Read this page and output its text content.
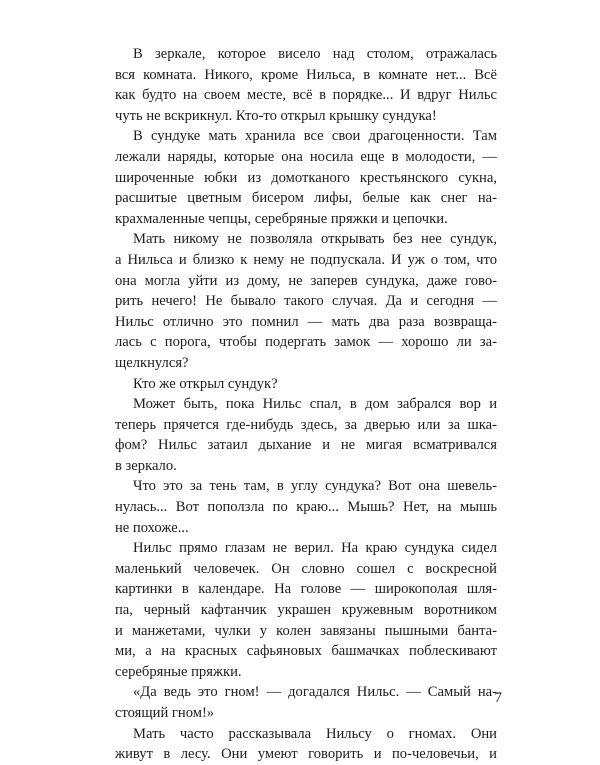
В зеркале, которое висело над столом, отражалась
вся комната. Никого, кроме Нильса, в комнате нет... Всё
как будто на своем месте, всё в порядке... И вдруг Нильс
чуть не вскрикнул. Кто-то открыл крышку сундука!
В сундуке мать хранила все свои драгоценности. Там
лежали наряды, которые она носила еще в молодости, —
широченные юбки из домотканого крестьянского сукна,
расшитые цветным бисером лифы, белые как снег на-
крахмаленные чепцы, серебряные пряжки и цепочки.
Мать никому не позволяла открывать без нее сундук,
а Нильса и близко к нему не подпускала. И уж о том, что
она могла уйти из дому, не заперев сундука, даже гово-
рить нечего! Не бывало такого случая. Да и сегодня —
Нильс отлично это помнил — мать два раза возвраща-
лась с порога, чтобы подергать замок — хорошо ли за-
щелкнулся?
Кто же открыл сундук?
Может быть, пока Нильс спал, в дом забрался вор и
теперь прячется где-нибудь здесь, за дверью или за шка-
фом? Нильс затаил дыхание и не мигая всматривался
в зеркало.
Что это за тень там, в углу сундука? Вот она шевель-
нулась... Вот поползла по краю... Мышь? Нет, на мышь
не похоже...
Нильс прямо глазам не верил. На краю сундука сидел
маленький человечек. Он словно сошел с воскресной
картинки в календаре. На голове — широкополая шля-
па, черный кафтанчик украшен кружевным воротником
и манжетами, чулки у колен завязаны пышными банта-
ми, а на красных сафьяновых башмачках поблескивают
серебряные пряжки.
«Да ведь это гном! — догадался Нильс. — Самый на-
стоящий гном!»
Мать часто рассказывала Нильсу о гномах. Они
живут в лесу. Они умеют говорить и по-человечьи, и
7
